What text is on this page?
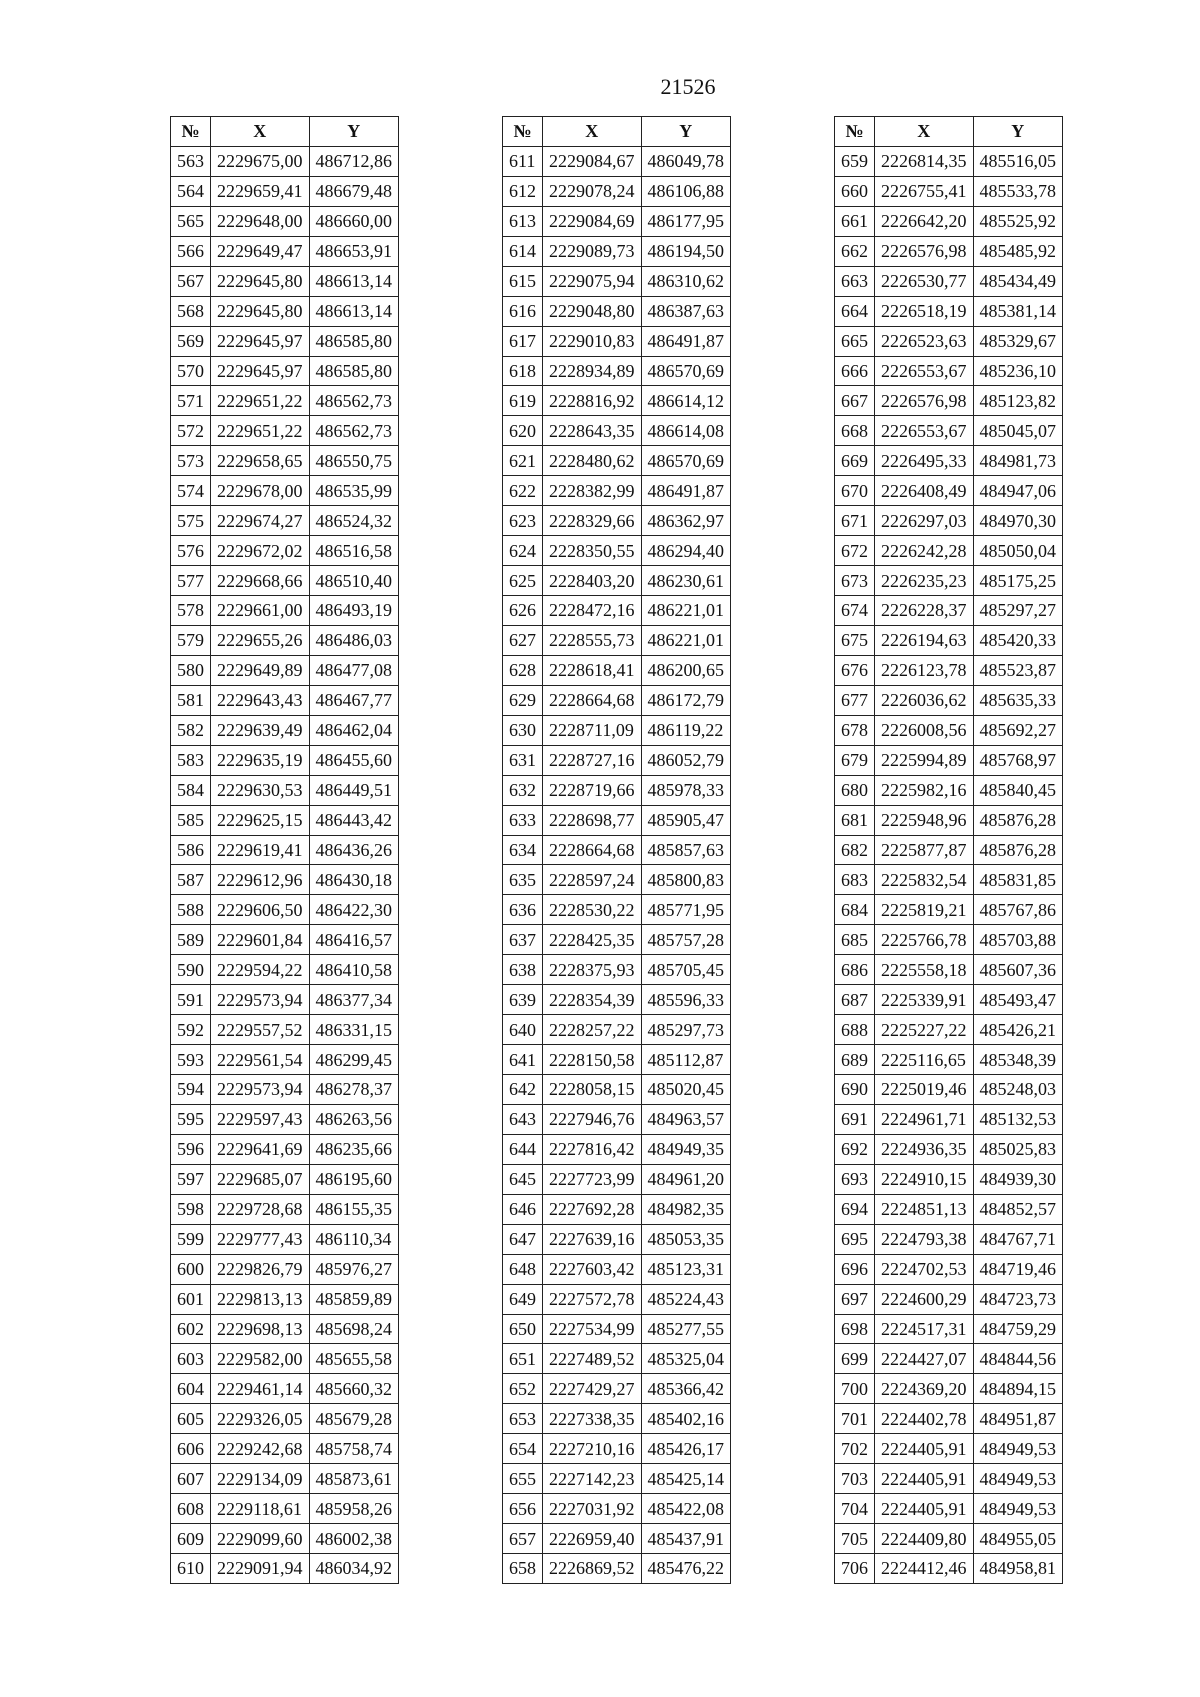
21526
№	X	Y
563	2229675,00	486712,86
564	2229659,41	486679,48
565	2229648,00	486660,00
566	2229649,47	486653,91
567	2229645,80	486613,14
568	2229645,80	486613,14
569	2229645,97	486585,80
570	2229645,97	486585,80
571	2229651,22	486562,73
572	2229651,22	486562,73
573	2229658,65	486550,75
574	2229678,00	486535,99
575	2229674,27	486524,32
576	2229672,02	486516,58
577	2229668,66	486510,40
578	2229661,00	486493,19
579	2229655,26	486486,03
580	2229649,89	486477,08
581	2229643,43	486467,77
582	2229639,49	486462,04
583	2229635,19	486455,60
584	2229630,53	486449,51
585	2229625,15	486443,42
586	2229619,41	486436,26
587	2229612,96	486430,18
588	2229606,50	486422,30
589	2229601,84	486416,57
590	2229594,22	486410,58
591	2229573,94	486377,34
592	2229557,52	486331,15
593	2229561,54	486299,45
594	2229573,94	486278,37
595	2229597,43	486263,56
596	2229641,69	486235,66
597	2229685,07	486195,60
598	2229728,68	486155,35
599	2229777,43	486110,34
600	2229826,79	485976,27
601	2229813,13	485859,89
602	2229698,13	485698,24
603	2229582,00	485655,58
604	2229461,14	485660,32
605	2229326,05	485679,28
606	2229242,68	485758,74
607	2229134,09	485873,61
608	2229118,61	485958,26
609	2229099,60	486002,38
610	2229091,94	486034,92
№	X	Y
611	2229084,67	486049,78
612	2229078,24	486106,88
613	2229084,69	486177,95
614	2229089,73	486194,50
615	2229075,94	486310,62
616	2229048,80	486387,63
617	2229010,83	486491,87
618	2228934,89	486570,69
619	2228816,92	486614,12
620	2228643,35	486614,08
621	2228480,62	486570,69
622	2228382,99	486491,87
623	2228329,66	486362,97
624	2228350,55	486294,40
625	2228403,20	486230,61
626	2228472,16	486221,01
627	2228555,73	486221,01
628	2228618,41	486200,65
629	2228664,68	486172,79
630	2228711,09	486119,22
631	2228727,16	486052,79
632	2228719,66	485978,33
633	2228698,77	485905,47
634	2228664,68	485857,63
635	2228597,24	485800,83
636	2228530,22	485771,95
637	2228425,35	485757,28
638	2228375,93	485705,45
639	2228354,39	485596,33
640	2228257,22	485297,73
641	2228150,58	485112,87
642	2228058,15	485020,45
643	2227946,76	484963,57
644	2227816,42	484949,35
645	2227723,99	484961,20
646	2227692,28	484982,35
647	2227639,16	485053,35
648	2227603,42	485123,31
649	2227572,78	485224,43
650	2227534,99	485277,55
651	2227489,52	485325,04
652	2227429,27	485366,42
653	2227338,35	485402,16
654	2227210,16	485426,17
655	2227142,23	485425,14
656	2227031,92	485422,08
657	2226959,40	485437,91
658	2226869,52	485476,22
№	X	Y
659	2226814,35	485516,05
660	2226755,41	485533,78
661	2226642,20	485525,92
662	2226576,98	485485,92
663	2226530,77	485434,49
664	2226518,19	485381,14
665	2226523,63	485329,67
666	2226553,67	485236,10
667	2226576,98	485123,82
668	2226553,67	485045,07
669	2226495,33	484981,73
670	2226408,49	484947,06
671	2226297,03	484970,30
672	2226242,28	485050,04
673	2226235,23	485175,25
674	2226228,37	485297,27
675	2226194,63	485420,33
676	2226123,78	485523,87
677	2226036,62	485635,33
678	2226008,56	485692,27
679	2225994,89	485768,97
680	2225982,16	485840,45
681	2225948,96	485876,28
682	2225877,87	485876,28
683	2225832,54	485831,85
684	2225819,21	485767,86
685	2225766,78	485703,88
686	2225558,18	485607,36
687	2225339,91	485493,47
688	2225227,22	485426,21
689	2225116,65	485348,39
690	2225019,46	485248,03
691	2224961,71	485132,53
692	2224936,35	485025,83
693	2224910,15	484939,30
694	2224851,13	484852,57
695	2224793,38	484767,71
696	2224702,53	484719,46
697	2224600,29	484723,73
698	2224517,31	484759,29
699	2224427,07	484844,56
700	2224369,20	484894,15
701	2224402,78	484951,87
702	2224405,91	484949,53
703	2224405,91	484949,53
704	2224405,91	484949,53
705	2224409,80	484955,05
706	2224412,46	484958,81
